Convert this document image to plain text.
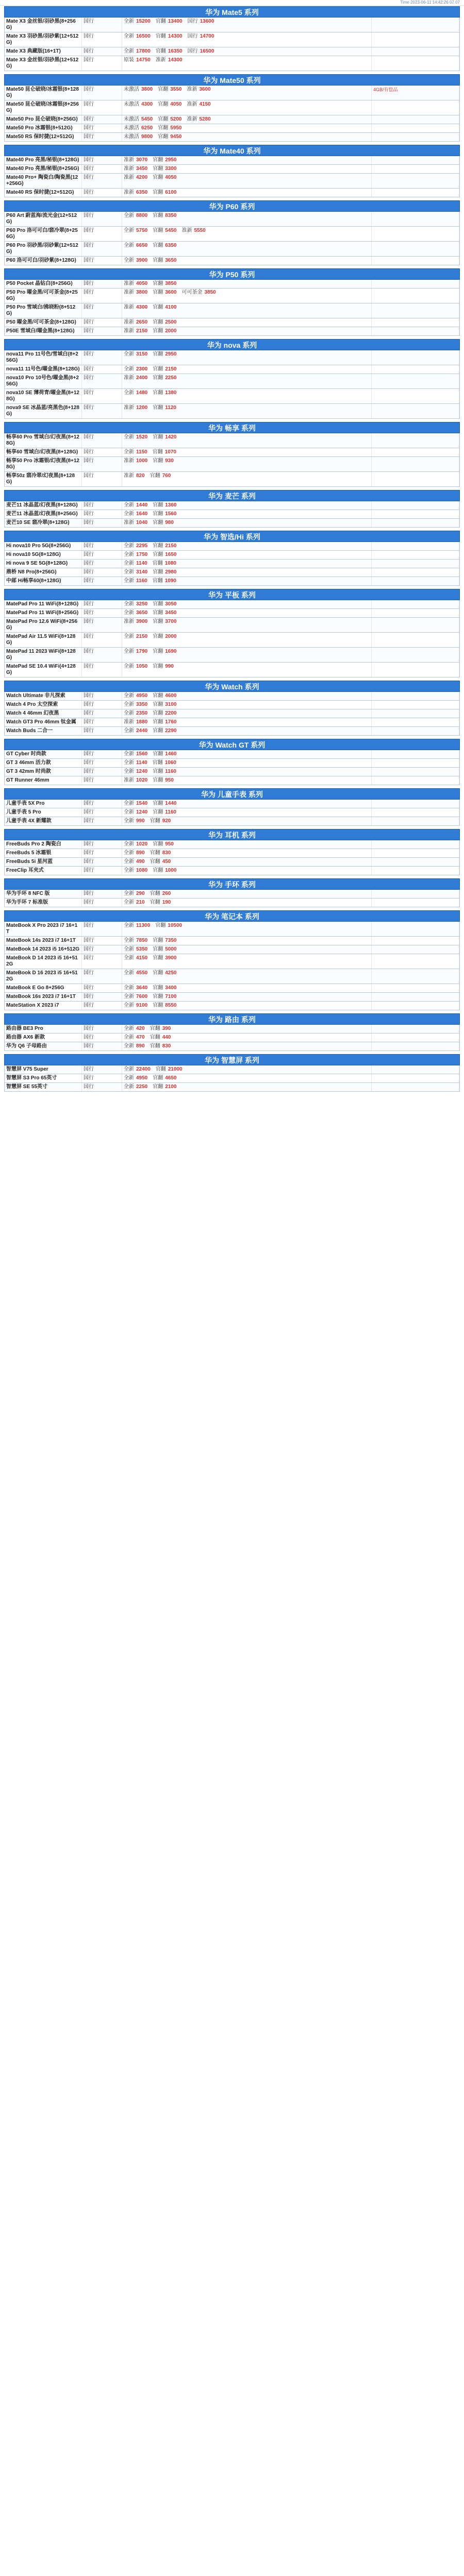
Time 2023-06-11 14:42:26 07.07
华为 Mate5 系列
Mate X3 金丝银/羽砂黑(8+256G)
国行	全新 15200 官翻 13400 国行 13600
Mate X3 羽砂黑/羽砂紫(12+512G)
国行	全新 16500 官翻 14300 国行 14700
Mate X3 典藏版(16+1T)	国行	全新 17800 官翻 16350 国行 16500
Mate X3 金丝银/羽砂黑(12+512G)
国行	原装 14750 准新 14300
华为 Mate50 系列
Mate50 昆仑破晓/冰霜银(8+128G)
国行	未激活 3800 官翻 3550 准新 3600	4GB/有偿品
Mate50 昆仑破晓/冰霜银(8+256G)
国行	未激活 4300 官翻 4050 准新 4150
Mate50 Pro 昆仑破晓(8+256G)	国行	未激活 5450 官翻 5200 准新 5280
Mate50 Pro 冰霜银(8+512G)	国行	未激活 6250 官翻 5950
Mate50 RS 保时捷(12+512G)	国行	未激活 9800 官翻 9450
华为 Mate40 系列
Mate40 Pro 亮黑/秘银(8+128G) 国行	准新 3070 官翻 2950
Mate40 Pro 亮黑/秘银(8+256G) 国行	准新 3450 官翻 3300
Mate40 Pro+ 陶瓷白/陶瓷黑(12+256G)
国行	准新 4200 官翻 4050
Mate40 RS 保时捷(12+512G)	国行	准新 6350 官翻 6100
华为 P60 系列
P60 Art 蔚蓝海/流光金(12+512G)
国行	全新 8800 官翻 8350
P60 Pro 洛可可白/翡冷翠(8+256G)
国行	全新 5750 官翻 5450 准新 5550
P60 Pro 羽砂黑/羽砂紫(12+512G)
国行	全新 6650 官翻 6350
P60 洛可可白/羽砂紫(8+128G)	国行	全新 3900 官翻 3650
华为 P50 系列
P50 Pocket 晶钻白(8+256G)	国行	准新 4050 官翻 3850
P50 Pro 曜金黑/可可茶金(8+256G)
国行	准新 3800 官翻 3600 可可茶金 3850
P50 Pro 雪域白/拂晓粉(8+512G)
国行	准新 4300 官翻 4100
P50 曜金黑/可可茶金(8+128G)	国行	准新 2650 官翻 2500
P50E 雪域白/曜金黑(8+128G)	国行	准新 2150 官翻 2000
华为 nova 系列
nova11 Pro 11号色/雪域白(8+256G)
国行	全新 3150 官翻 2950
nova11 11号色/曜金黑(8+128G) 国行	全新 2300 官翻 2150
nova10 Pro 10号色/曜金黑(8+256G)
国行	准新 2400 官翻 2250
nova10 SE 薄荷青/曜金黑(8+128G)
国行	全新 1480 官翻 1380
nova9 SE 冰晶蓝/亮黑色(8+128G)
国行	准新 1200 官翻 1120
华为 畅享 系列
畅享60 Pro 雪域白/幻夜黑(8+128G)
国行	全新 1520 官翻 1420
畅享60 雪域白/幻夜黑(8+128G)	国行	全新 1150 官翻 1070
畅享50 Pro 冰霜银/幻夜黑(8+128G)
国行	准新 1000 官翻 930
畅享50z 翡冷翠/幻夜黑(8+128G)
国行	准新 820 官翻 760
华为 麦芒 系列
麦芒11 冰晶蓝/幻夜黑(8+128G)	国行	全新 1440 官翻 1360
麦芒11 冰晶蓝/幻夜黑(8+256G)	国行	全新 1640 官翻 1560
麦芒10 SE 翡冷翠(8+128G)	国行	准新 1040 官翻 980
华为 智选/Hi 系列
Hi nova10 Pro 5G(8+256G)	国行	全新 2295 官翻 2150
Hi nova10 5G(8+128G)	国行	全新 1750 官翻 1650
Hi nova 9 SE 5G(8+128G)	国行	全新 1140 官翻 1080
鼎桥 N8 Pro(8+256G)	国行	全新 3140 官翻 2980
中邮 Hi畅享60(8+128G)	国行	全新 1160 官翻 1090
华为 平板 系列
MatePad Pro 11 WiFi(8+128G) 国行	全新 3250 官翻 3050
MatePad Pro 11 WiFi(8+256G) 国行	全新 3650 官翻 3450
MatePad Pro 12.6 WiFi(8+256G)
国行	准新 3900 官翻 3700
MatePad Air 11.5 WiFi(8+128G)
国行	全新 2150 官翻 2000
MatePad 11 2023 WiFi(8+128G)
国行	全新 1790 官翻 1690
MatePad SE 10.4 WiFi(4+128G)
国行	全新 1050 官翻 990
华为 Watch 系列
Watch Ultimate 非凡探索	国行	全新 4950 官翻 4600
Watch 4 Pro 太空探索	国行	全新 3350 官翻 3100
Watch 4 46mm 幻夜黑	国行	全新 2350 官翻 2200
Watch GT3 Pro 46mm 钛金属	国行	准新 1880 官翻 1760
Watch Buds 二合一	国行	全新 2440 官翻 2290
华为 Watch GT 系列
GT Cyber 时尚款	国行	全新 1560 官翻 1460
GT 3 46mm 活力款	国行	全新 1140 官翻 1060
GT 3 42mm 时尚款	国行	全新 1240 官翻 1160
GT Runner 46mm	国行	准新 1020 官翻 950
华为 儿童手表 系列
儿童手表 5X Pro	国行	全新 1540 官翻 1440
儿童手表 5 Pro	国行	全新 1240 官翻 1160
儿童手表 4X 新耀款	国行	全新 990 官翻 920
华为 耳机 系列
FreeBuds Pro 2 陶瓷白	国行	全新 1020 官翻 950
FreeBuds 5 冰霜银	国行	全新 890 官翻 830
FreeBuds 5i 星河蓝	国行	全新 490 官翻 450
FreeClip 耳夹式	国行	全新 1080 官翻 1000
华为 手环 系列
华为手环 8 NFC 版	国行	全新 290 官翻 260
华为手环 7 标准版	国行	全新 210 官翻 190
华为 笔记本 系列
MateBook X Pro 2023 i7 16+1T
国行	全新 11300 官翻 10500
MateBook 14s 2023 i7 16+1T	国行	全新 7850 官翻 7350
MateBook 14 2023 i5 16+512G 国行	全新 5350 官翻 5000
MateBook D 14 2023 i5 16+512G
国行	全新 4150 官翻 3900
MateBook D 16 2023 i5 16+512G
国行	全新 4550 官翻 4250
MateBook E Go 8+256G	国行	全新 3640 官翻 3400
MateBook 16s 2023 i7 16+1T	国行	全新 7600 官翻 7100
MateStation X 2023 i7	国行	全新 9100 官翻 8550
华为 路由 系列
路由器 BE3 Pro	国行	全新 420 官翻 390
路由器 AX6 新款	国行	全新 470 官翻 440
华为 Q6 子母路由	国行	全新 890 官翻 830
华为 智慧屏 系列
智慧屏 V75 Super	国行	全新 22400 官翻 21000
智慧屏 S3 Pro 65英寸	国行	全新 4950 官翻 4650
智慧屏 SE 55英寸	国行	全新 2250 官翻 2100
